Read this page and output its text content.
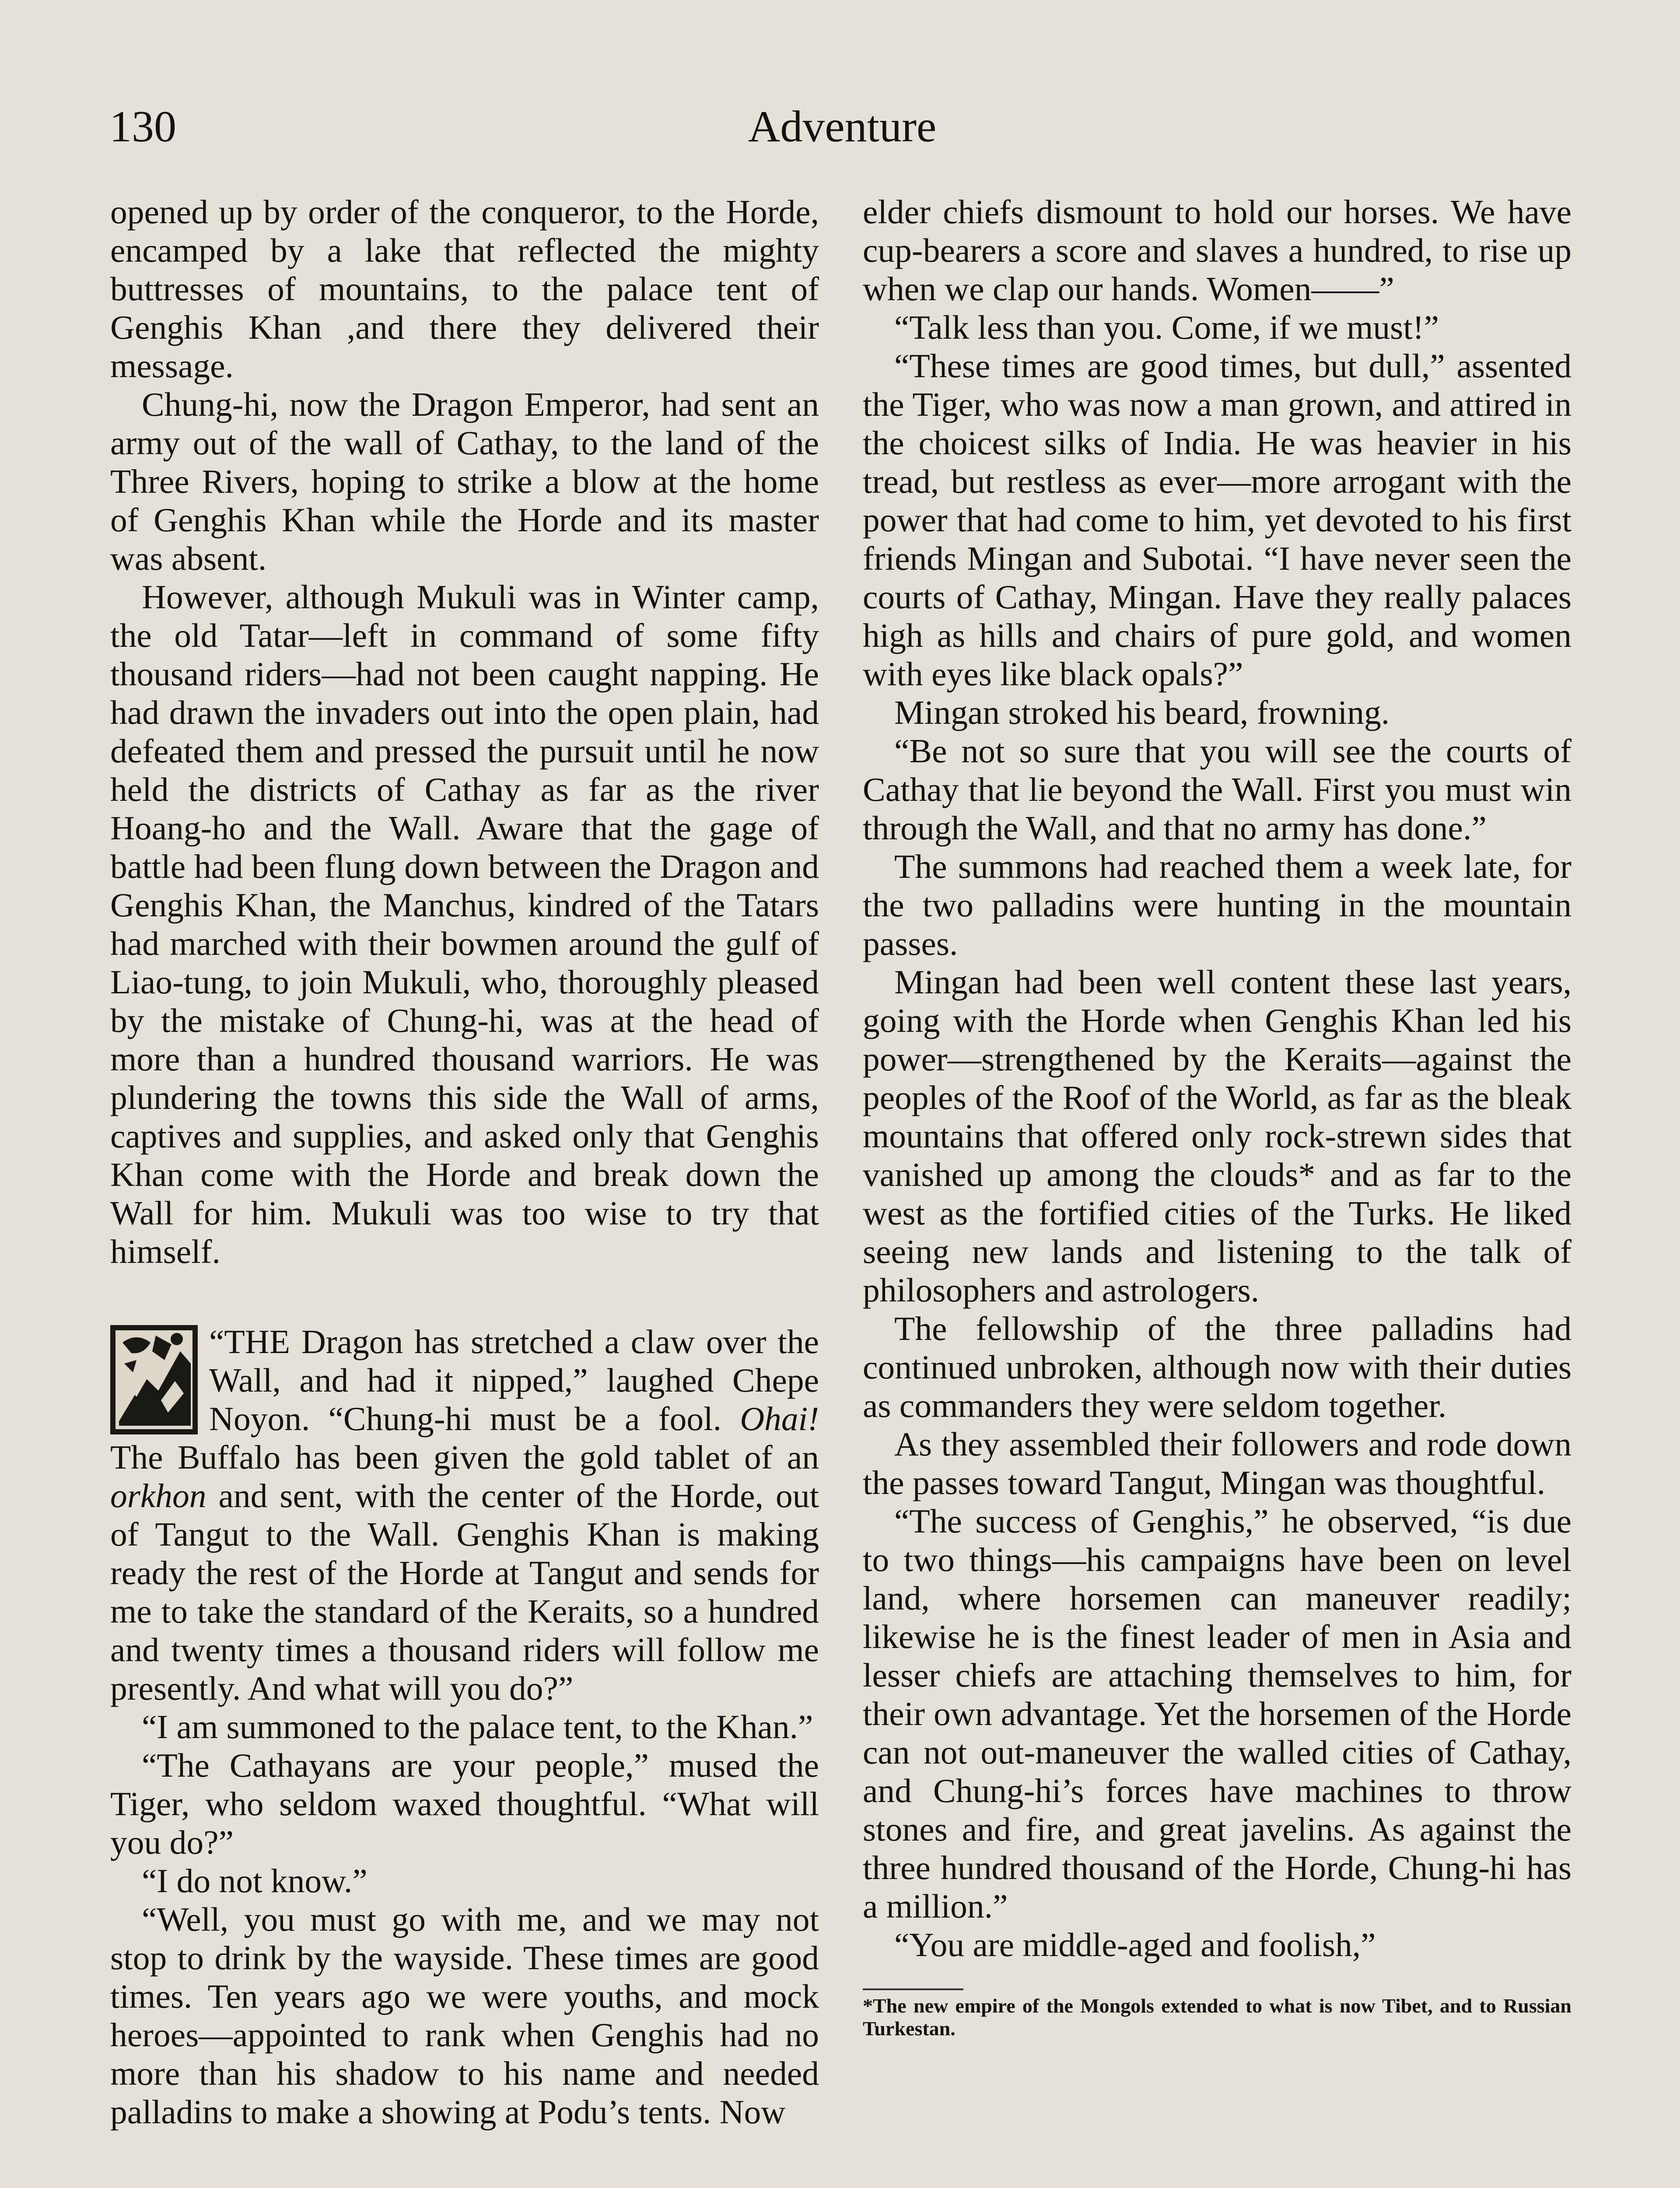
130	Adventure

opened up by order of the conqueror, to the Horde, encamped by a lake that reflected the mighty buttresses of mountains, to the palace tent of Genghis Khan ,and there they delivered their message.

Chung-hi, now the Dragon Emperor, had sent an army out of the wall of Cathay, to the land of the Three Rivers, hoping to strike a blow at the home of Genghis Khan while the Horde and its master was absent.

However, although Mukuli was in Winter camp, the old Tatar—left in command of some fifty thousand riders—had not been caught napping. He had drawn the invaders out into the open plain, had defeated them and pressed the pursuit until he now held the districts of Cathay as far as the river Hoang-ho and the Wall. Aware that the gage of battle had been flung down between the Dragon and Genghis Khan, the Manchus, kindred of the Tatars had marched with their bowmen around the gulf of Liao-tung, to join Mukuli, who, thoroughly pleased by the mistake of Chung-hi, was at the head of more than a hundred thousand warriors. He was plundering the towns this side the Wall of arms, captives and supplies, and asked only that Genghis Khan come with the Horde and break down the Wall for him. Mukuli was too wise to try that himself.

“THE Dragon has stretched a claw over the Wall, and had it nipped,” laughed Chepe Noyon. “Chung-hi must be a fool. Ohai! The Buffalo has been given the gold tablet of an orkhon and sent, with the center of the Horde, out of Tangut to the Wall. Genghis Khan is making ready the rest of the Horde at Tangut and sends for me to take the standard of the Keraits, so a hundred and twenty times a thousand riders will follow me presently. And what will you do?”

“I am summoned to the palace tent, to the Khan.”

“The Cathayans are your people,” mused the Tiger, who seldom waxed thoughtful. “What will you do?”

“I do not know.”

“Well, you must go with me, and we may not stop to drink by the wayside. These times are good times. Ten years ago we were youths, and mock heroes—appointed to rank when Genghis had no more than his shadow to his name and needed palladins to make a showing at Podu’s tents. Now

elder chiefs dismount to hold our horses. We have cup-bearers a score and slaves a hundred, to rise up when we clap our hands. Women——”

“Talk less than you. Come, if we must!”

“These times are good times, but dull,” assented the Tiger, who was now a man grown, and attired in the choicest silks of India. He was heavier in his tread, but restless as ever—more arrogant with the power that had come to him, yet devoted to his first friends Mingan and Subotai. “I have never seen the courts of Cathay, Mingan. Have they really palaces high as hills and chairs of pure gold, and women with eyes like black opals?”

Mingan stroked his beard, frowning.

“Be not so sure that you will see the courts of Cathay that lie beyond the Wall. First you must win through the Wall, and that no army has done.”

The summons had reached them a week late, for the two palladins were hunting in the mountain passes.

Mingan had been well content these last years, going with the Horde when Genghis Khan led his power—strengthened by the Keraits—against the peoples of the Roof of the World, as far as the bleak mountains that offered only rock-strewn sides that vanished up among the clouds* and as far to the west as the fortified cities of the Turks. He liked seeing new lands and listening to the talk of philosophers and astrologers.

The fellowship of the three palladins had continued unbroken, although now with their duties as commanders they were seldom together.

As they assembled their followers and rode down the passes toward Tangut, Mingan was thoughtful.

“The success of Genghis,” he observed, “is due to two things—his campaigns have been on level land, where horsemen can maneuver readily; likewise he is the finest leader of men in Asia and lesser chiefs are attaching themselves to him, for their own advantage. Yet the horsemen of the Horde can not out-maneuver the walled cities of Cathay, and Chung-hi’s forces have machines to throw stones and fire, and great javelins. As against the three hundred thousand of the Horde, Chung-hi has a million.”

“You are middle-aged and foolish,”

*The new empire of the Mongols extended to what is now Tibet, and to Russian Turkestan.
